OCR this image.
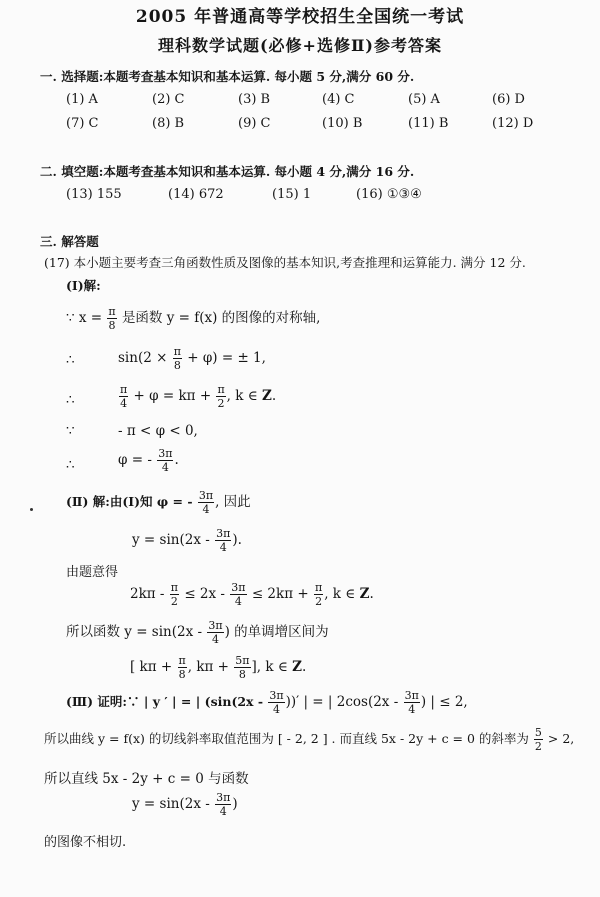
2005 年普通高等学校招生全国统一考试
理科数学试题(必修+选修Ⅱ)参考答案
一. 选择题:本题考查基本知识和基本运算. 每小题 5 分,满分 60 分.
(1) A	(2) C	(3) B	(4) C	(5) A	(6) D
(7) C	(8) B	(9) C	(10) B	(11) B	(12) D
二. 填空题:本题考查基本知识和基本运算. 每小题 4 分,满分 16 分.
(13) 155	(14) 672	(15) 1	(16) ①③④
三. 解答题
(17) 本小题主要考查三角函数性质及图像的基本知识,考查推理和运算能力. 满分 12 分.
(Ⅰ)解:
∵ $x = \frac{\pi}{8}$ 是函数 y = f(x) 的图像的对称轴,
∴	$\sin(2 \times \frac{\pi}{8} + \varphi)$ = ± 1,
∴	$\frac{\pi}{4} + \varphi = k\pi + \frac{\pi}{2}$ , k ∈ Z.
∵	- π < φ < 0,
∴	φ = - $\frac{3\pi}{4}$ .
(Ⅱ) 解:由(Ⅰ)知 φ = - $\frac{3\pi}{4}$ , 因此
$y = \sin(2x - \frac{3\pi}{4}$ ).
由题意得
$2k\pi - \frac{\pi}{2} \le 2x - \frac{3\pi}{4} \le 2k\pi + \frac{\pi}{2}$ , k ∈ Z.
所以函数 $y = \sin(2x - \frac{3\pi}{4}$ ) 的单调增区间为
[ $k\pi + \frac{\pi}{8}$ , $k\pi + \frac{5\pi}{8}$ ], k ∈ Z.
(Ⅲ) 证明:∵ | y ′ | = | ($\sin(2x - \frac{3\pi}{4}$ ))′ | = | $2\cos(2x - \frac{3\pi}{4}$ ) | ≤ 2,
所以曲线 y = f(x) 的切线斜率取值范围为 [ - 2, 2 ] . 而直线 5x - 2y + c = 0 的斜率为 $\frac{5}{2} > 2$,
所以直线 5x - 2y + c = 0 与函数
$y = \sin(2x - \frac{3\pi}{4}$ )
的图像不相切.
